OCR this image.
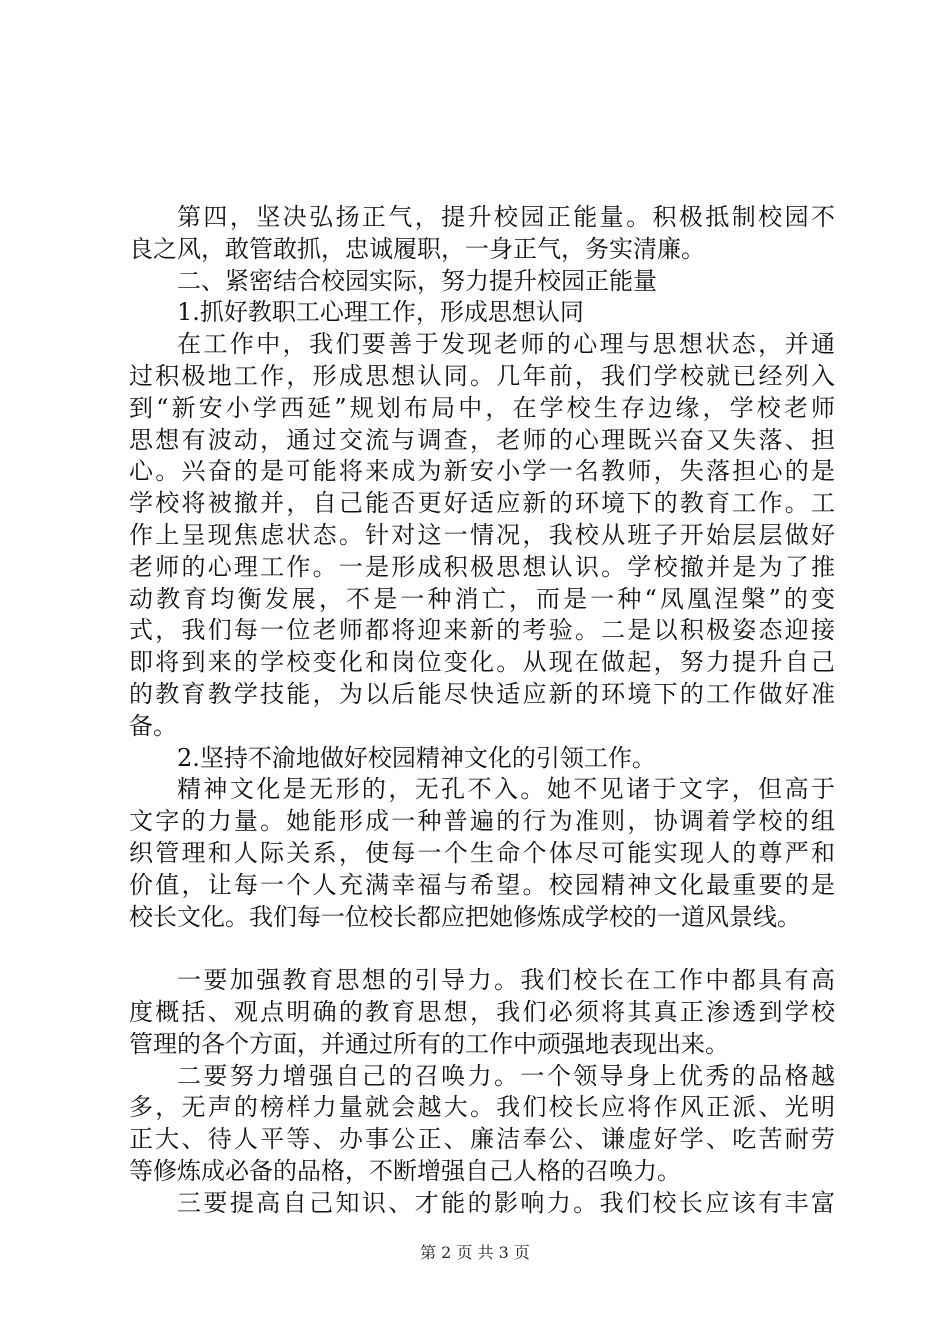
第四，坚决弘扬正气，提升校园正能量。积极抵制校园不
良之风，敢管敢抓，忠诚履职，一身正气，务实清廉。
二、紧密结合校园实际，努力提升校园正能量
1.抓好教职工心理工作，形成思想认同
在工作中，我们要善于发现老师的心理与思想状态，并通
过积极地工作，形成思想认同。几年前，我们学校就已经列入
到“新安小学西延”规划布局中，在学校生存边缘，学校老师
思想有波动，通过交流与调查，老师的心理既兴奋又失落、担
心。兴奋的是可能将来成为新安小学一名教师，失落担心的是
学校将被撤并，自己能否更好适应新的环境下的教育工作。工
作上呈现焦虑状态。针对这一情况，我校从班子开始层层做好
老师的心理工作。一是形成积极思想认识。学校撤并是为了推
动教育均衡发展，不是一种消亡，而是一种“凤凰涅槃”的变
式，我们每一位老师都将迎来新的考验。二是以积极姿态迎接
即将到来的学校变化和岗位变化。从现在做起，努力提升自己
的教育教学技能，为以后能尽快适应新的环境下的工作做好准
备。
2.坚持不渝地做好校园精神文化的引领工作。
精神文化是无形的，无孔不入。她不见诸于文字，但高于
文字的力量。她能形成一种普遍的行为准则，协调着学校的组
织管理和人际关系，使每一个生命个体尽可能实现人的尊严和
价值，让每一个人充满幸福与希望。校园精神文化最重要的是
校长文化。我们每一位校长都应把她修炼成学校的一道风景线。
一要加强教育思想的引导力。我们校长在工作中都具有高
度概括、观点明确的教育思想，我们必须将其真正渗透到学校
管理的各个方面，并通过所有的工作中顽强地表现出来。
二要努力增强自己的召唤力。一个领导身上优秀的品格越
多，无声的榜样力量就会越大。我们校长应将作风正派、光明
正大、待人平等、办事公正、廉洁奉公、谦虚好学、吃苦耐劳
等修炼成必备的品格，不断增强自己人格的召唤力。
三要提高自己知识、才能的影响力。我们校长应该有丰富
第 2 页 共 3 页
